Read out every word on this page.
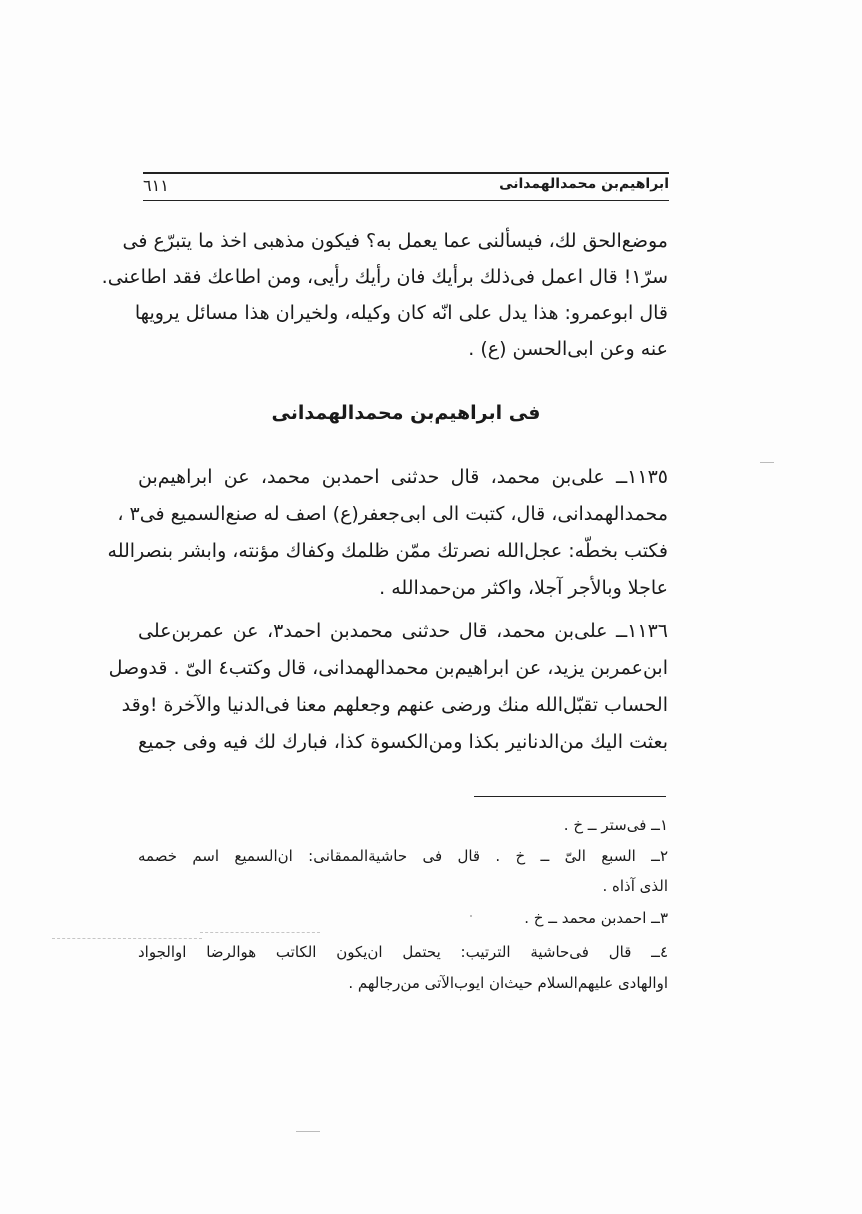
ابراهيم‌بن محمدالهمدانى
٦١١
موضع‌الحق لك، فيسألنى عما يعمل به؟ فيكون مذهبى اخذ ما يتبرّع فى
سرّ١! قال اعمل فى‌ذلك برأيك فان رأيك رأيى، ومن اطاعك فقد اطاعنى.
قال ابوعمرو: هذا يدل على انّه كان وكيله، ولخيران هذا مسائل يرويها
عنه وعن ابى‌الحسن (ع) .
فى ابراهيم‌بن محمدالهمدانى
١١٣٥ــ على‌بن محمد، قال حدثنى احمدبن محمد، عن ابراهيم‌بن
محمدالهمدانى، قال، كتبت الى ابى‌جعفر(ع) اصف له صنع‌السميع فى٣ ،
فكتب بخطّه: عجل‌الله نصرتك ممّن ظلمك وكفاك مؤنته، وابشر بنصرالله
عاجلا وبالأجر آجلا، واكثر من‌حمدالله .
١١٣٦ــ على‌بن محمد، قال حدثنى محمدبن احمد٣، عن عمربن‌على
ابن‌عمربن يزيد، عن ابراهيم‌بن محمدالهمدانى، قال وكتب٤ الىّ . قدوصل
الحساب تقبّل‌الله منك ورضى عنهم وجعلهم معنا فى‌الدنيا والآخرة !وقد
بعثت اليك من‌الدنانير بكذا ومن‌الكسوة كذا، فبارك لك فيه وفى جميع
١ــ فى‌ستر ــ خ .
٢ــ السبع الىّ ــ خ . قال فى حاشية‌الممقانى: ان‌السميع اسم خصمه
الذى آذاه .
٣ــ احمدبن محمد ــ خ .
٤ــ قال فى‌حاشية الترتيب: يحتمل ان‌يكون الكاتب هوالرضا اوالجواد
اوالهادى عليهم‌السلام حيث‌ان ايوب‌الآتى من‌رجالهم .
